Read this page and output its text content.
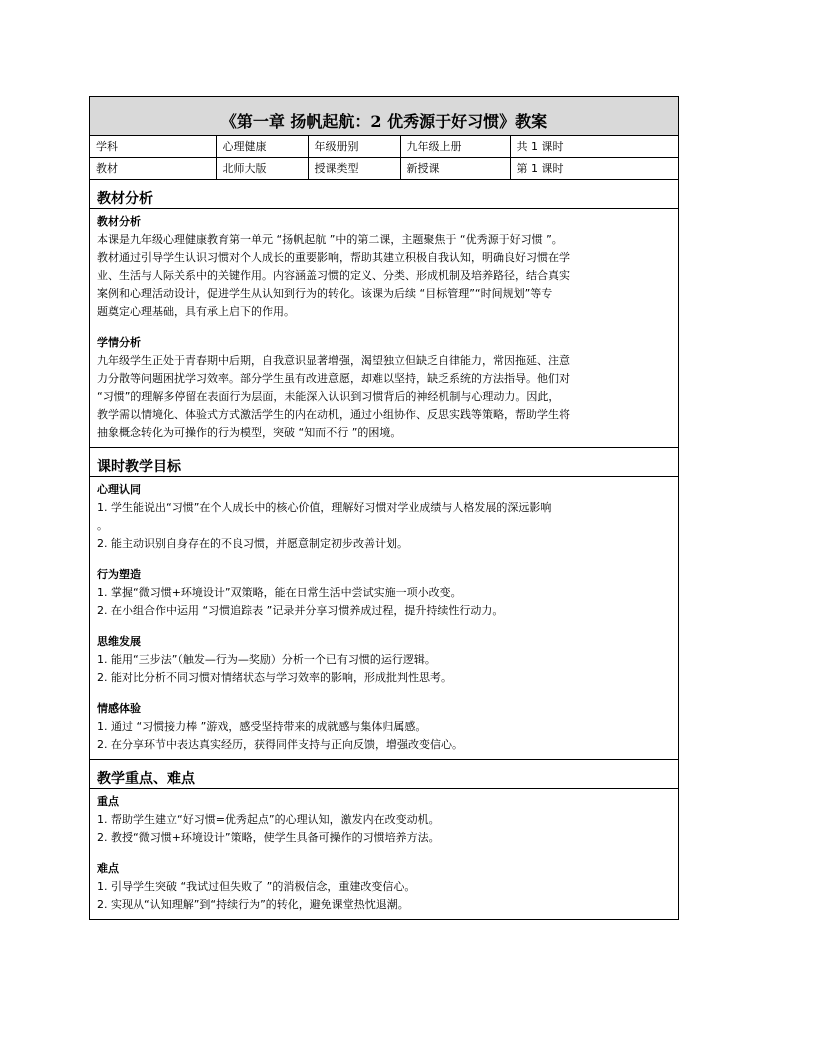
《第一章 扬帆起航：2 优秀源于好习惯》教案
学科	心理健康	年级册别	九年级上册	共 1 课时
教材	北师大版	授课类型	新授课	第 1 课时
教材分析

教材分析

本课是九年级心理健康教育第一单元 “扬帆起航 ”中的第二课，主题聚焦于 “优秀源于好习惯 ”。

教材通过引导学生认识习惯对个人成长的重要影响，帮助其建立积极自我认知，明确良好习惯在学

业、生活与人际关系中的关键作用。内容涵盖习惯的定义、分类、形成机制及培养路径，结合真实

案例和心理活动设计，促进学生从认知到行为的转化。该课为后续 “目标管理”“时间规划”等专

题奠定心理基础，具有承上启下的作用。

学情分析

九年级学生正处于青春期中后期，自我意识显著增强，渴望独立但缺乏自律能力，常因拖延、注意

力分散等问题困扰学习效率。部分学生虽有改进意愿，却难以坚持，缺乏系统的方法指导。他们对

“习惯”的理解多停留在表面行为层面，未能深入认识到习惯背后的神经机制与心理动力。因此，

教学需以情境化、体验式方式激活学生的内在动机，通过小组协作、反思实践等策略，帮助学生将

抽象概念转化为可操作的行为模型，突破 “知而不行 ”的困境。

课时教学目标

心理认同

1. 学生能说出“习惯”在个人成长中的核心价值，理解好习惯对学业成绩与人格发展的深远影响

。

2. 能主动识别自身存在的不良习惯，并愿意制定初步改善计划。

行为塑造

1. 掌握“微习惯+环境设计”双策略，能在日常生活中尝试实施一项小改变。

2. 在小组合作中运用 “习惯追踪表 ”记录并分享习惯养成过程，提升持续性行动力。

思维发展

1. 能用“三步法”（触发—行为—奖励）分析一个已有习惯的运行逻辑。

2. 能对比分析不同习惯对情绪状态与学习效率的影响，形成批判性思考。

情感体验

1. 通过 “习惯接力棒 ”游戏，感受坚持带来的成就感与集体归属感。

2. 在分享环节中表达真实经历，获得同伴支持与正向反馈，增强改变信心。

教学重点、难点

重点

1. 帮助学生建立“好习惯=优秀起点”的心理认知，激发内在改变动机。

2. 教授“微习惯+环境设计”策略，使学生具备可操作的习惯培养方法。

难点

1. 引导学生突破 “我试过但失败了 ”的消极信念，重建改变信心。

2. 实现从“认知理解”到“持续行为”的转化，避免课堂热忱退潮。
